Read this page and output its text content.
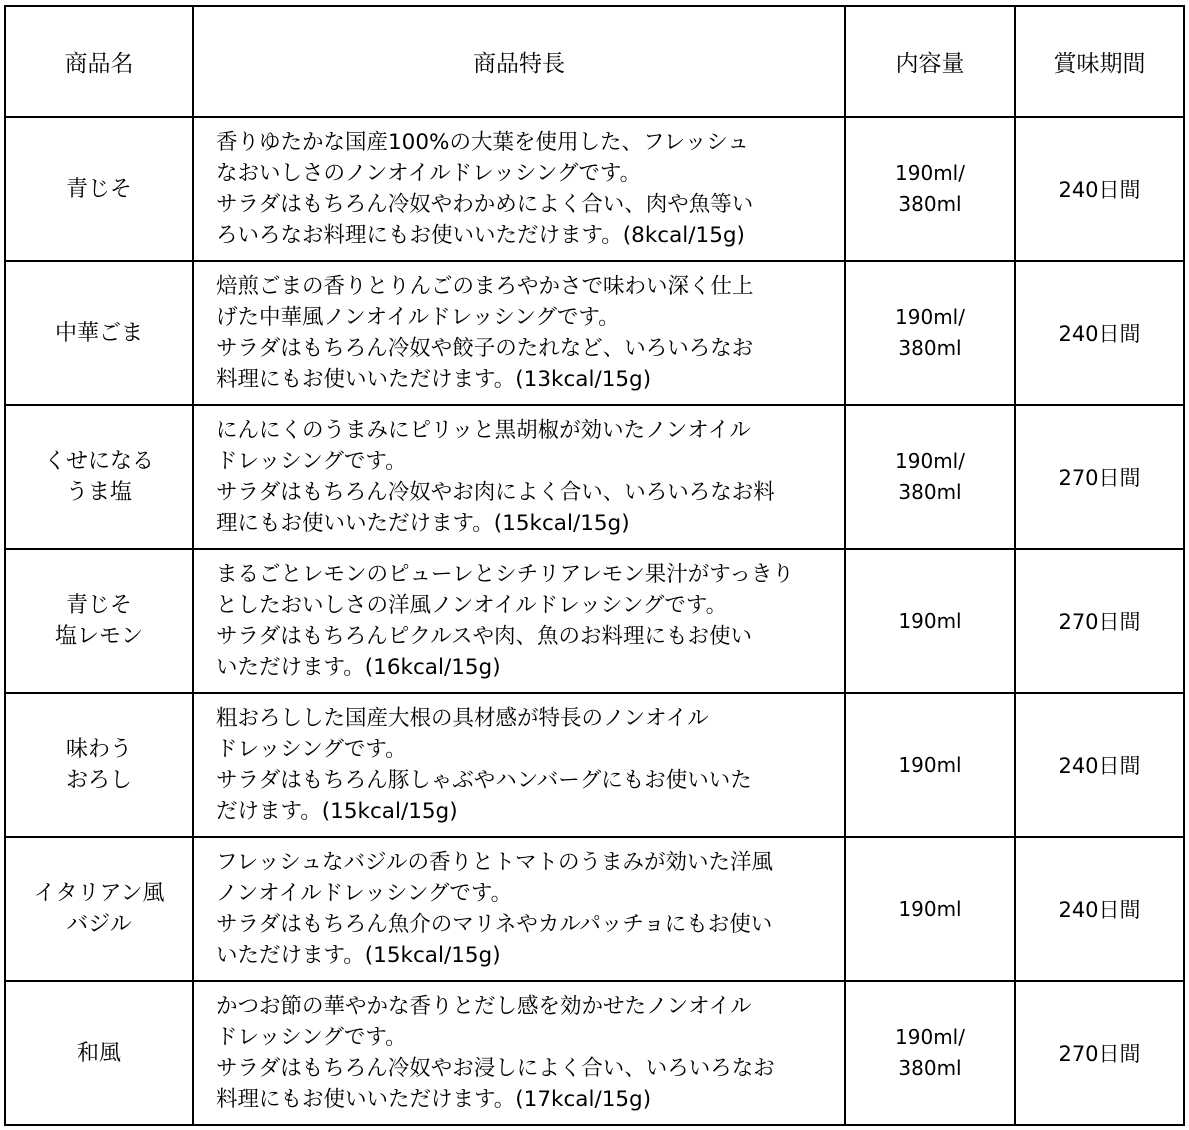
商品名	商品特長	内容量	賞味期間

青じそ	香りゆたかな国産100%の大葉を使用した、フレッシュ
なおいしさのノンオイルドレッシングです。
サラダはもちろん冷奴やわかめによく合い、肉や魚等い
ろいろなお料理にもお使いいただけます。(8kcal/15g)	190ml/
380ml	240日間

中華ごま	焙煎ごまの香りとりんごのまろやかさで味わい深く仕上
げた中華風ノンオイルドレッシングです。
サラダはもちろん冷奴や餃子のたれなど、いろいろなお
料理にもお使いいただけます。(13kcal/15g)	190ml/
380ml	240日間

くせになる
うま塩	にんにくのうまみにピリッと黒胡椒が効いたノンオイル
ドレッシングです。
サラダはもちろん冷奴やお肉によく合い、いろいろなお料
理にもお使いいただけます。(15kcal/15g)	190ml/
380ml	270日間

青じそ
塩レモン	まるごとレモンのピューレとシチリアレモン果汁がすっきり
としたおいしさの洋風ノンオイルドレッシングです。
サラダはもちろんピクルスや肉、魚のお料理にもお使い
いただけます。(16kcal/15g)	190ml	270日間

味わう
おろし	粗おろしした国産大根の具材感が特長のノンオイル
ドレッシングです。
サラダはもちろん豚しゃぶやハンバーグにもお使いいた
だけます。(15kcal/15g)	190ml	240日間

イタリアン風
バジル	フレッシュなバジルの香りとトマトのうまみが効いた洋風
ノンオイルドレッシングです。
サラダはもちろん魚介のマリネやカルパッチョにもお使い
いただけます。(15kcal/15g)	190ml	240日間

和風	かつお節の華やかな香りとだし感を効かせたノンオイル
ドレッシングです。
サラダはもちろん冷奴やお浸しによく合い、いろいろなお
料理にもお使いいただけます。(17kcal/15g)	190ml/
380ml	270日間
